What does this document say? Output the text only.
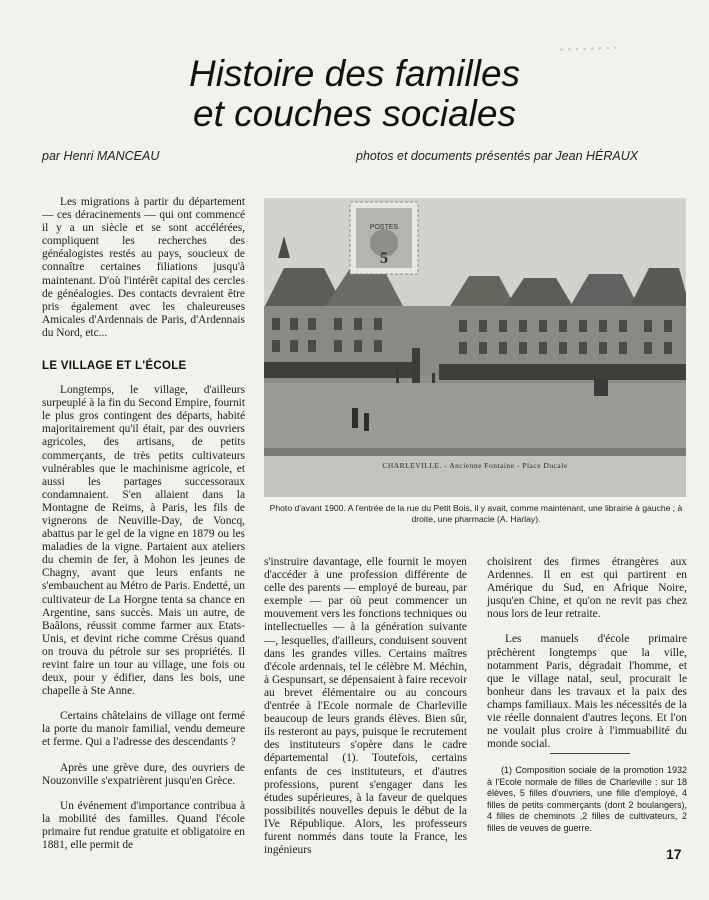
▪ ▪ ▪ ▪ ▪ ▪ ▪ ▪
Histoire des familles
et couches sociales
par Henri MANCEAU	photos et documents présentés par Jean HÉRAUX

Les migrations à partir du département — ces déracinements — qui ont commencé il y a un siècle et se sont accélérées, compliquent les recherches des généalogistes restés au pays, soucieux de connaître certaines filiations jusqu'à maintenant. D'où l'intérêt capital des cercles de généalogies. Des contacts devraient être pris également avec les chaleureuses Amicales d'Ardennais de Paris, d'Ardennais du Nord, etc...

LE VILLAGE ET L'ÉCOLE

Longtemps, le village, d'ailleurs surpeuplé à la fin du Second Empire, fournit le plus gros contingent des départs, habité majoritairement qu'il était, par des ouvriers agricoles, des artisans, de petits commerçants, de très petits cultivateurs vulnérables que le machinisme agricole, et aussi les partages successoraux condamnaient. S'en allaient dans la Montagne de Reims, à Paris, les fils de vignerons de Neuville-Day, de Voncq, abattus par le gel de la vigne en 1879 ou les maladies de la vigne. Partaient aux ateliers du chemin de fer, à Mohon les jeunes de Chagny, avant que leurs enfants ne s'embauchent au Métro de Paris. Endetté, un cultivateur de La Horgne tenta sa chance en Argentine, sans succès. Mais un autre, de Baâlons, réussit comme farmer aux Etats-Unis, et devint riche comme Crésus quand on trouva du pétrole sur ses propriétés. Il revint faire un tour au village, une fois ou deux, pour y édifier, dans les bois, une chapelle à Ste Anne.

Certains châtelains de village ont fermé la porte du manoir familial, vendu demeure et ferme. Qui a l'adresse des descendants ?

Après une grève dure, des ouvriers de Nouzonville s'expatrièrent jusqu'en Grèce.

Un événement d'importance contribua à la mobilité des familles. Quand l'école primaire fut rendue gratuite et obligatoire en 1881, elle permit de

5
POSTES
CHARLEVILLE. - Ancienne Fontaine - Place Ducale
Photo d'avant 1900. A l'entrée de la rue du Petit Bois, il y avait, comme maintenant, une librairie à gauche ; à droite, une pharmacie (A. Harlay).

s'instruire davantage, elle fournit le moyen d'accéder à une profession différente de celle des parents — employé de bureau, par exemple — par où peut commencer un mouvement vers les fonctions techniques ou intellectuelles — à la génération suivante —, lesquelles, d'ailleurs, conduisent souvent dans les grandes villes. Certains maîtres d'école ardennais, tel le célèbre M. Méchin, à Gespunsart, se dépensaient à faire recevoir au brevet élémentaire ou au concours d'entrée à l'Ecole normale de Charleville beaucoup de leurs grands élèves. Bien sûr, ils resteront au pays, puisque le recrutement des instituteurs s'opère dans le cadre départemental (1). Toutefois, certains enfants de ces instituteurs, et d'autres professions, purent s'engager dans les études supérieures, à la faveur de quelques possibilités nouvelles depuis le début de la IVe République. Alors, les professeurs furent nommés dans toute la France, les ingénieurs

choisirent des firmes étrangères aux Ardennes. Il en est qui partirent en Amérique du Sud, en Afrique Noire, jusqu'en Chine, et qu'on ne revit pas chez nous lors de leur retraite.

Les manuels d'école primaire prêchèrent longtemps que la ville, notamment Paris, dégradait l'homme, et que le village natal, seul, procurait le bonheur dans les travaux et la paix des champs familiaux. Mais les nécessités de la vie réelle donnaient d'autres leçons. Et l'on ne voulait plus croire à l'immuabilité du monde social.

(1) Composition sociale de la promotion 1932 à l'Ecole normale de filles de Charleville : sur 18 élèves, 5 filles d'ouvriers, une fille d'employé, 4 filles de petits commerçants (dont 2 boulangers), 4 filles de cheminots ,2 filles de cultivateurs, 2 filles de veuves de guerre.

17
